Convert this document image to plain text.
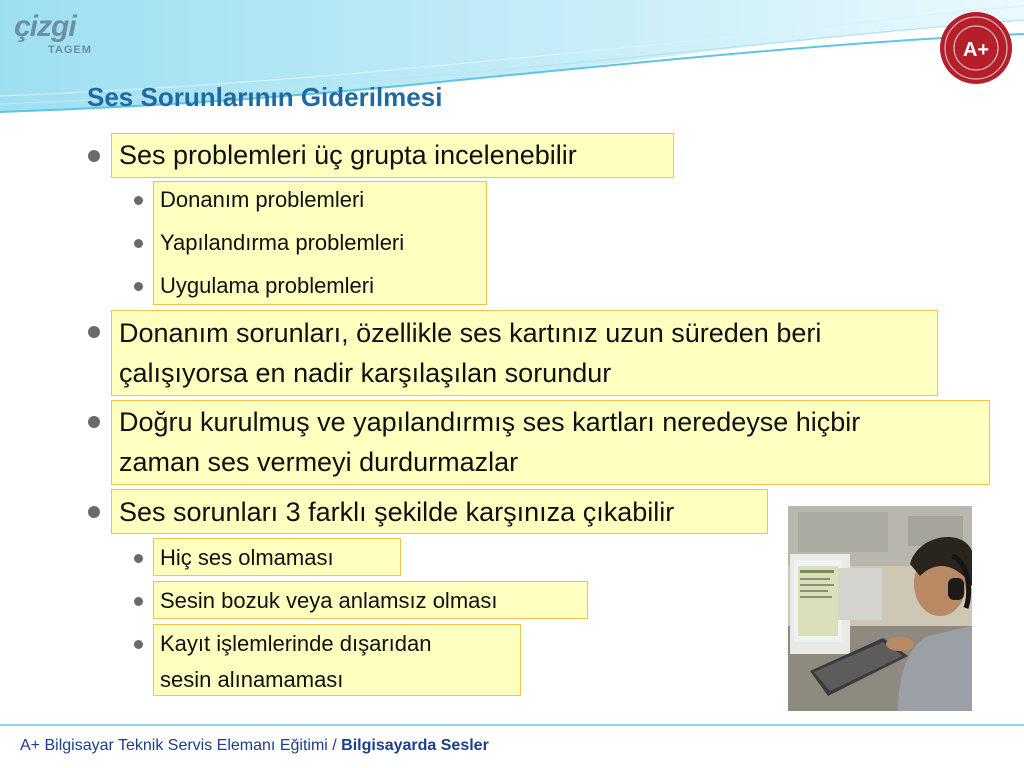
çizgi
TAGEM	A+
Ses Sorunlarının Giderilmesi
Ses problemleri üç grupta incelenebilir
Donanım problemleri
Yapılandırma problemleri
Uygulama problemleri
Donanım sorunları, özellikle ses kartınız uzun süreden beri
çalışıyorsa en nadir karşılaşılan sorundur
Doğru kurulmuş ve yapılandırmış ses kartları neredeyse hiçbir
zaman ses vermeyi durdurmazlar
Ses sorunları 3 farklı şekilde karşınıza çıkabilir
Hiç ses olmaması
Sesin bozuk veya anlamsız olması
Kayıt işlemlerinde dışarıdan
sesin alınamaması
A+ Bilgisayar Teknik Servis Elemanı Eğitimi / Bilgisayarda Sesler
